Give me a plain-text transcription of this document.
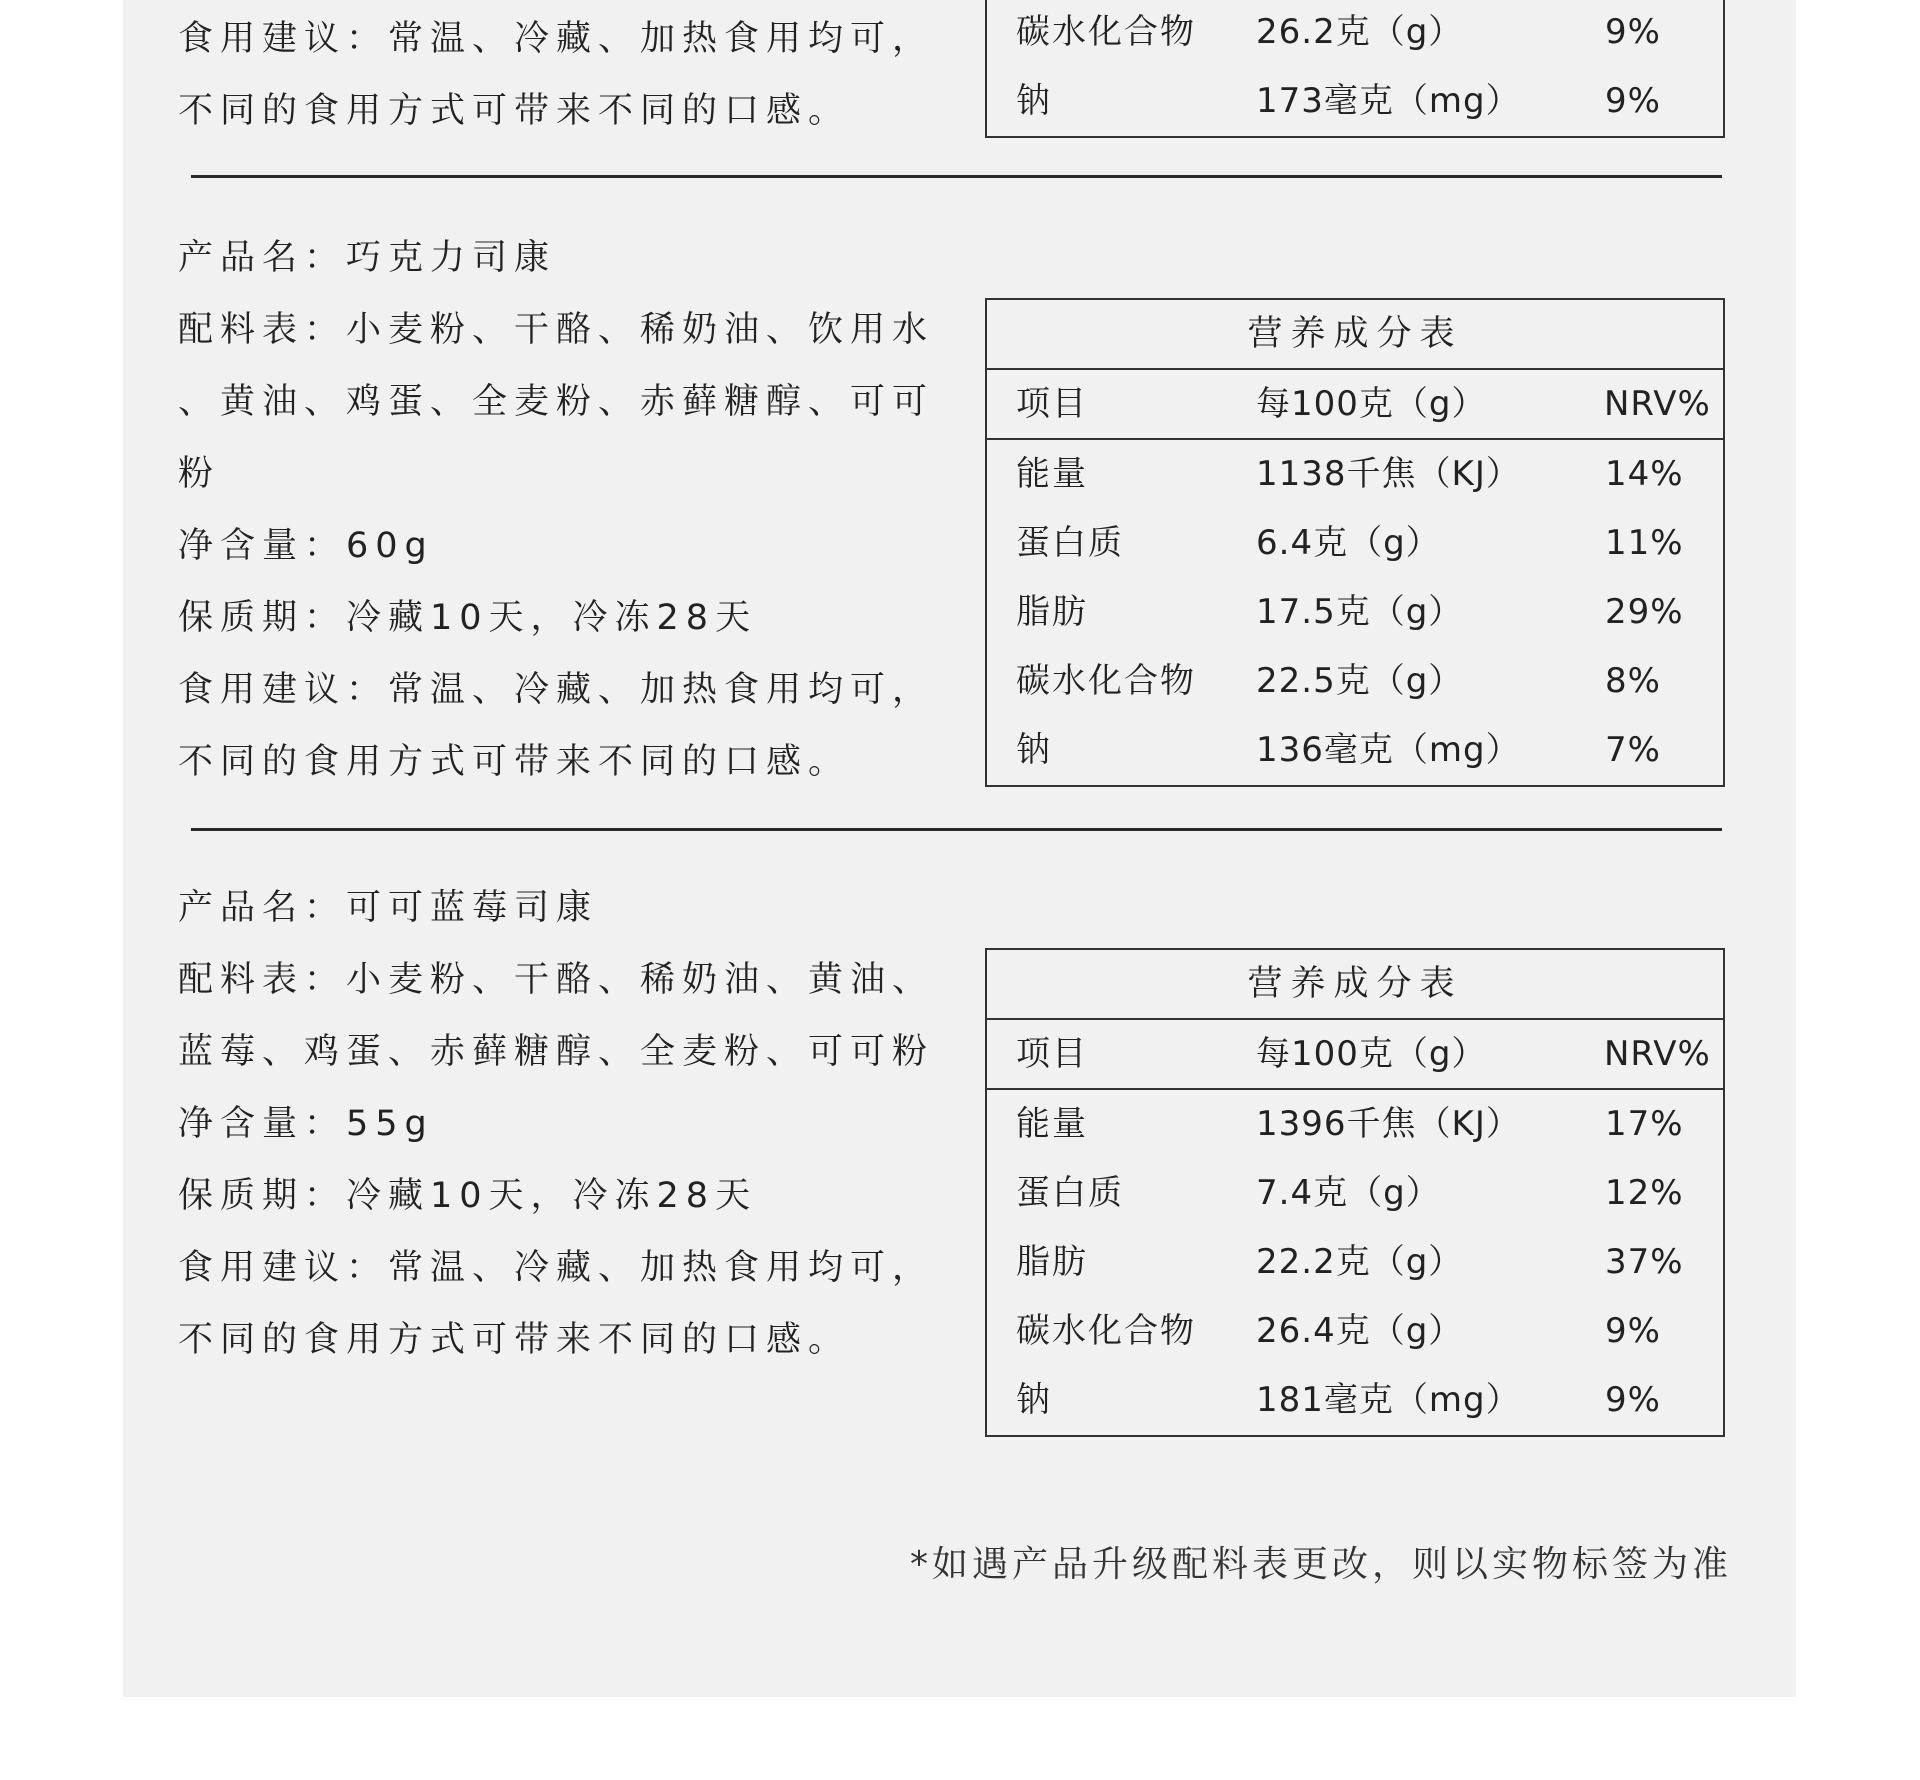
食用建议：常温、冷藏、加热食用均可，
不同的食用方式可带来不同的口感。
碳水化合物 26.2克（g）	9%
钠	173毫克（mg） 9%
产品名：巧克力司康
配料表：小麦粉、干酪、稀奶油、饮用水
、黄油、鸡蛋、全麦粉、赤藓糖醇、可可
粉
净含量：60g
保质期：冷藏10天，冷冻28天
食用建议：常温、冷藏、加热食用均可，
不同的食用方式可带来不同的口感。
营养成分表
项目	每100克（g）	NRV%
能量	1138千焦（KJ） 14%
蛋白质	6.4克（g）	11%
脂肪	17.5克（g）	29%
碳水化合物 22.5克（g）	8%
钠	136毫克（mg） 7%
产品名：可可蓝莓司康
配料表：小麦粉、干酪、稀奶油、黄油、
蓝莓、鸡蛋、赤藓糖醇、全麦粉、可可粉
净含量：55g
保质期：冷藏10天，冷冻28天
食用建议：常温、冷藏、加热食用均可，
不同的食用方式可带来不同的口感。
营养成分表
项目	每100克（g）	NRV%
能量	1396千焦（KJ） 17%
蛋白质	7.4克（g）	12%
脂肪	22.2克（g）	37%
碳水化合物 26.4克（g）	9%
钠	181毫克（mg） 9%
*如遇产品升级配料表更改，则以实物标签为准
